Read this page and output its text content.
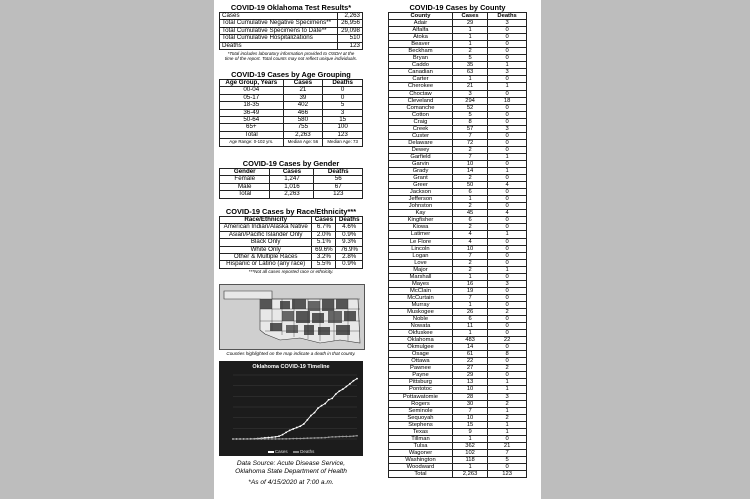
COVID-19 Oklahoma Test Results*
Cases	2,263
Total Cumulative Negative Specimens**	26,956
Total Cumulative Specimens to Date**	29,098
Total Cumulative Hospitalizations	510
Deaths	123
*Total includes laboratory information provided to OSDH at the
time of the report. Total counts may not reflect unique individuals.
COVID-19 Cases by Age Grouping
Age Group, Years	Cases	Deaths
00-04	21	0
05-17	39	0
18-35	402	5
36-49	466	3
50-64	580	15
65+	755	100
Total	2,263	123
Age Range: 0-102 yrs.	Median Age: 56	Median Age: 73
COVID-19 Cases by Gender
Gender	Cases	Deaths
Female	1,247	56
Male	1,016	67
Total	2,263	123
COVID-19 Cases by Race/Ethnicity***
Race/Ethnicity	Cases	Deaths
American Indian/Alaska Native	6.7%	4.6%
Asian/Pacific Islander Only	2.0%	0.9%
Black Only	5.1%	9.3%
White Only	69.6%	76.9%
Other & Multiple Races	3.2%	2.8%
Hispanic or Latino (any race)	5.5%	0.9%
***Not all cases reported race or ethnicity.
Counties highlighted on the map indicate a death in that county.
Oklahoma COVID-19 Timeline
Cases	Deaths
Data Source: Acute Disease Service,
Oklahoma State Department of Health
*As of 4/15/2020 at 7:00 a.m.
COVID-19 Cases by County
County	Cases	Deaths
Adair	29	3
Alfalfa	1	0
Atoka	1	0
Beaver	1	0
Beckham	2	0
Bryan	5	0
Caddo	35	1
Canadian	63	3
Carter	1	0
Cherokee	21	1
Choctaw	3	0
Cleveland	294	18
Comanche	52	0
Cotton	5	0
Craig	8	0
Creek	57	3
Custer	7	0
Delaware	72	0
Dewey	2	0
Garfield	7	1
Garvin	10	0
Grady	14	1
Grant	2	0
Greer	50	4
Jackson	6	0
Jefferson	1	0
Johnston	2	0
Kay	45	4
Kingfisher	6	0
Kiowa	2	0
Latimer	4	1
Le Flore	4	0
Lincoln	10	0
Logan	7	0
Love	2	0
Major	2	1
Marshall	1	0
Mayes	16	3
McClain	19	0
McCurtain	7	0
Murray	1	0
Muskogee	26	2
Noble	6	0
Nowata	11	0
Okfuskee	1	0
Oklahoma	483	22
Okmulgee	14	0
Osage	61	8
Ottawa	22	0
Pawnee	27	2
Payne	29	0
Pittsburg	13	1
Pontotoc	10	1
Pottawatomie	28	3
Rogers	30	2
Seminole	7	1
Sequoyah	10	2
Stephens	15	1
Texas	9	1
Tillman	1	0
Tulsa	362	21
Wagoner	102	7
Washington	118	5
Woodward	1	0
Total	2,263	123
